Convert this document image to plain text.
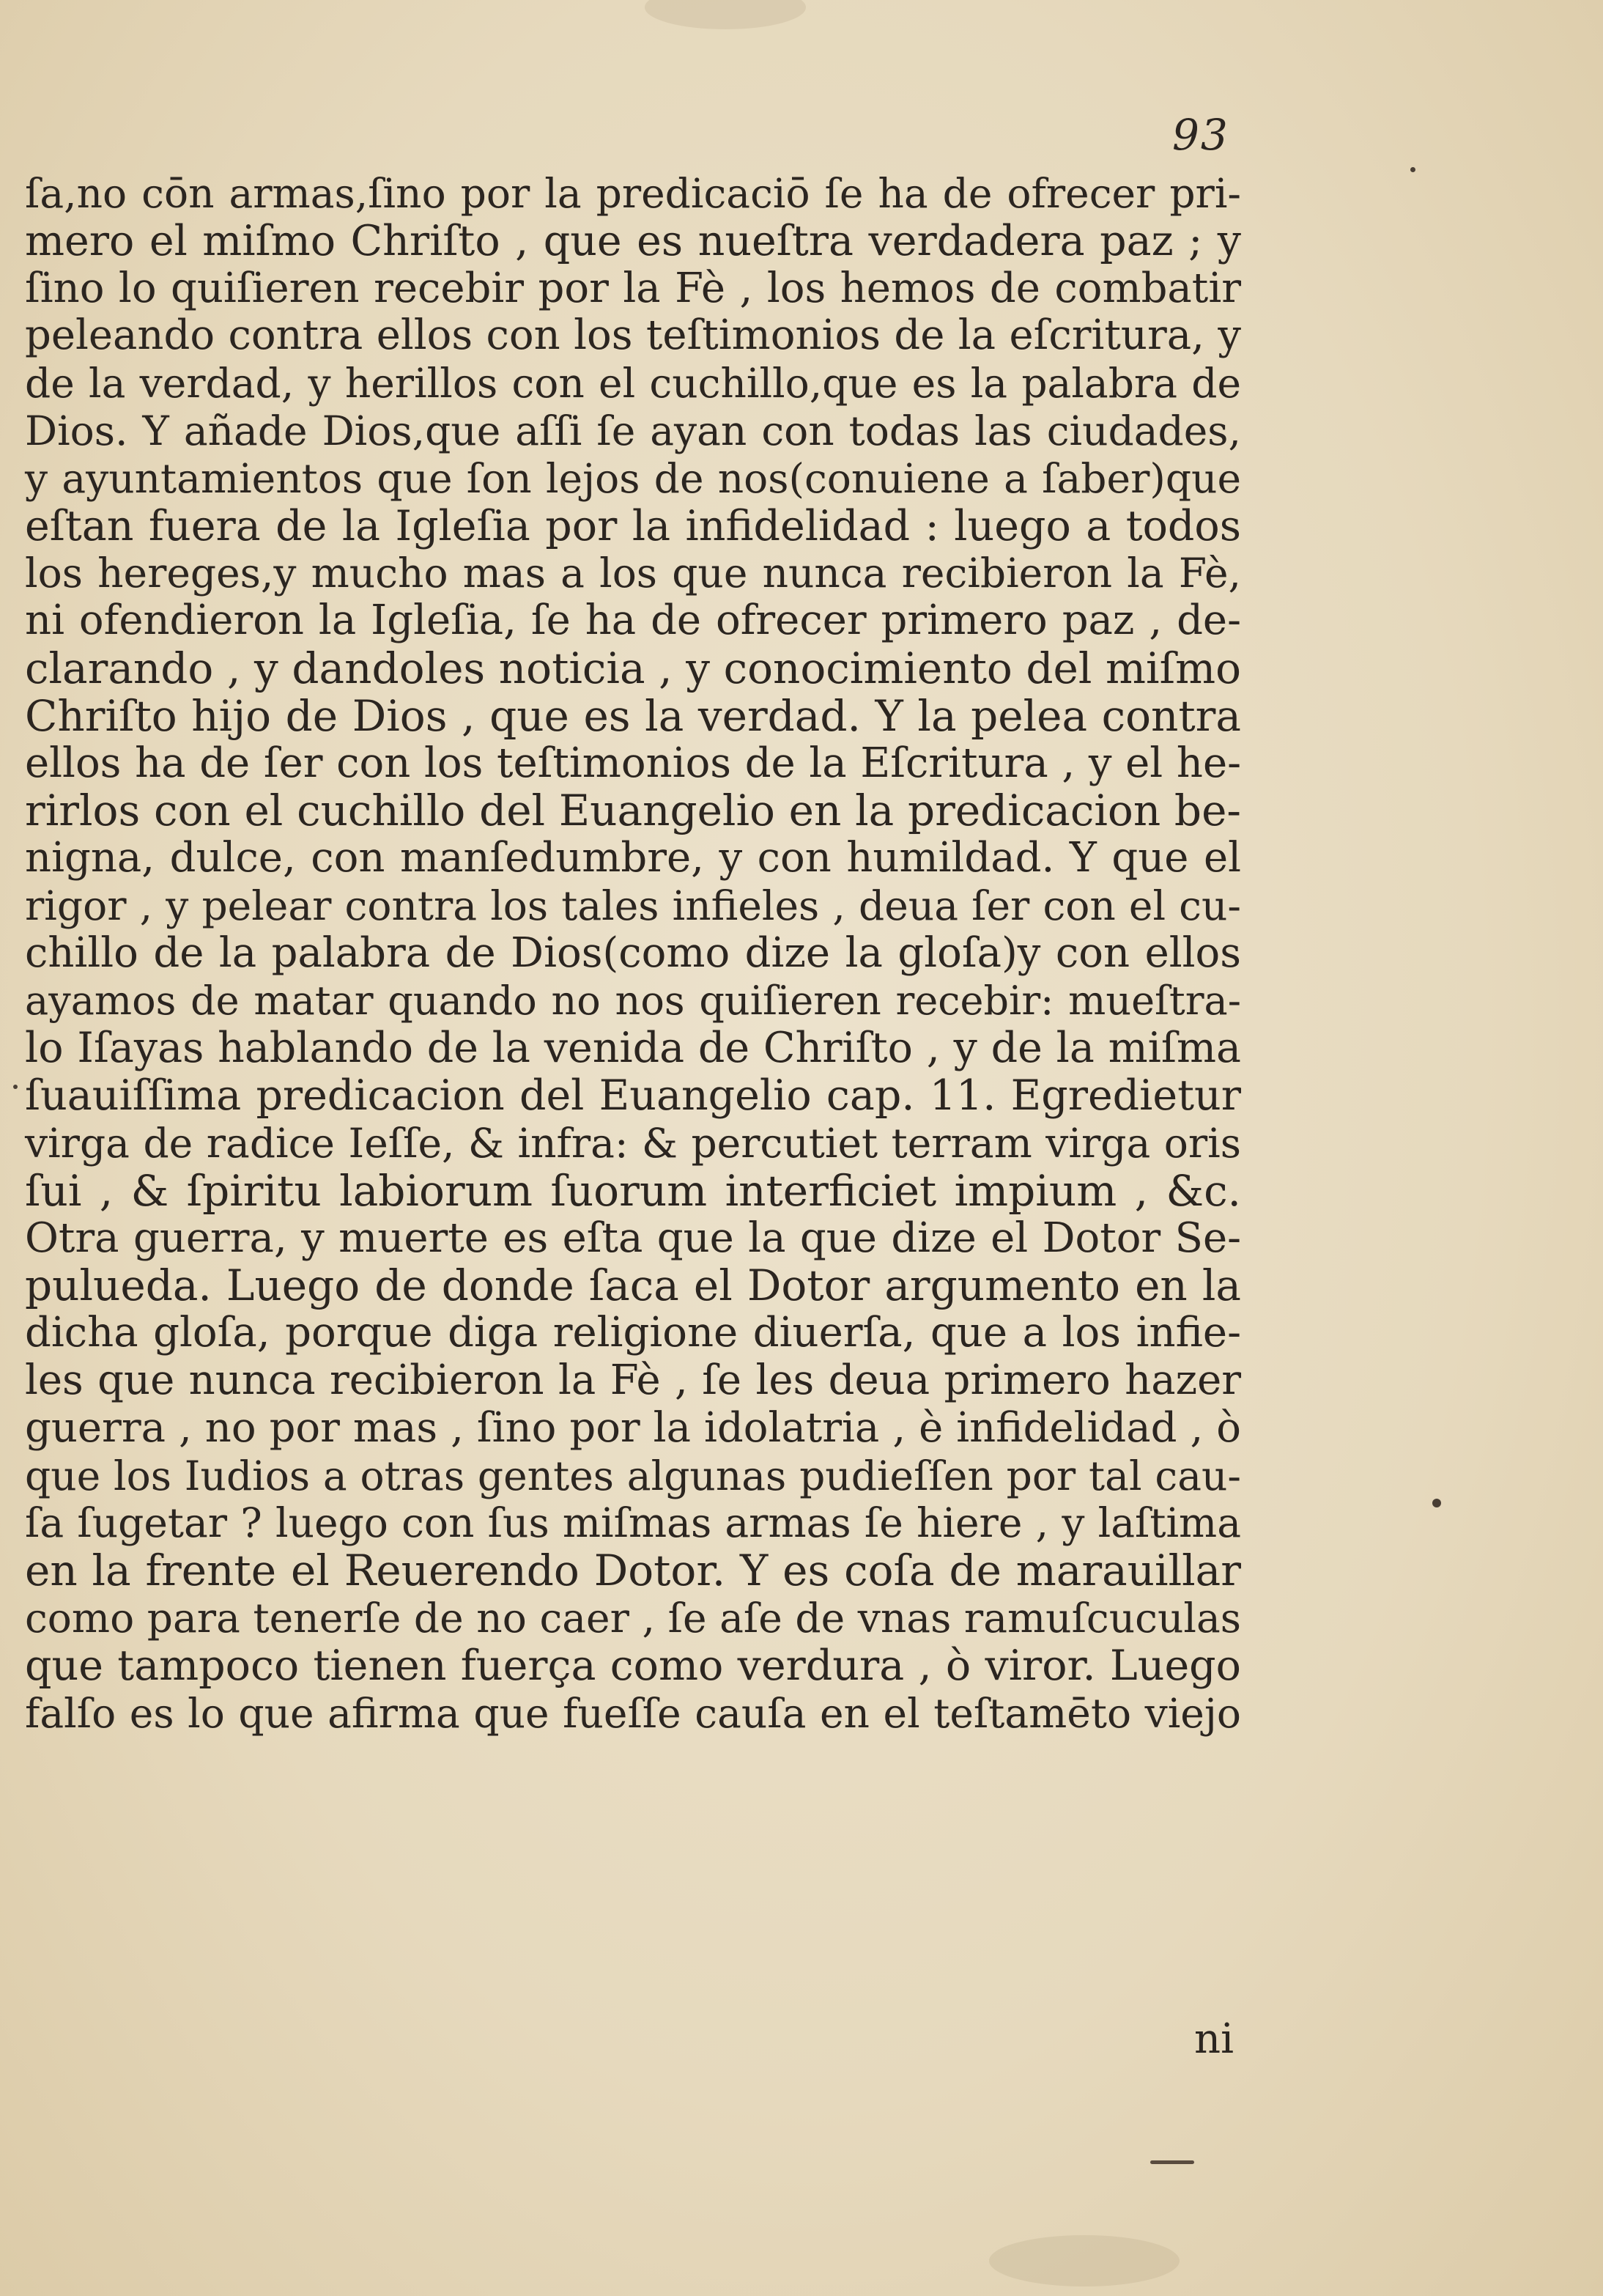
93
ſa,no cōn armas,ſino por la predicaciō ſe ha de ofrecer pri-
mero el miſmo Chriſto , que es nueſtra verdadera paz ; y
ſino lo quiſieren recebir por la Fè , los hemos de combatir
peleando contra ellos con los teſtimonios de la eſcritura, y
de la verdad, y herillos con el cuchillo,que es la palabra de
Dios. Y añade Dios,que aſſi ſe ayan con todas las ciudades,
y ayuntamientos que ſon lejos de nos(conuiene a ſaber)que
eſtan fuera de la Igleſia por la infidelidad : luego a todos
los hereges,y mucho mas a los que nunca recibieron la Fè,
ni ofendieron la Igleſia, ſe ha de ofrecer primero paz , de-
clarando , y dandoles noticia , y conocimiento del miſmo
Chriſto hijo de Dios , que es la verdad. Y la pelea contra
ellos ha de ſer con los teſtimonios de la Eſcritura , y el he-
rirlos con el cuchillo del Euangelio en la predicacion be-
nigna, dulce, con manſedumbre, y con humildad. Y que el
rigor , y pelear contra los tales infieles , deua ſer con el cu-
chillo de la palabra de Dios(como dize la gloſa)y con ellos
ayamos de matar quando no nos quiſieren recebir: mueſtra-
lo Iſayas hablando de la venida de Chriſto , y de la miſma
ſuauiſſima predicacion del Euangelio cap. 11. Egredietur
virga de radice Ieſſe, & infra: & percutiet terram virga oris
ſui , & ſpiritu labiorum ſuorum interficiet impium , &c.
Otra guerra, y muerte es eſta que la que dize el Dotor Se-
pulueda. Luego de donde ſaca el Dotor argumento en la
dicha gloſa, porque diga religione diuerſa, que a los infie-
les que nunca recibieron la Fè , ſe les deua primero hazer
guerra , no por mas , ſino por la idolatria , è infidelidad , ò
que los Iudios a otras gentes algunas pudieſſen por tal cau-
ſa ſugetar ? luego con ſus miſmas armas ſe hiere , y laſtima
en la frente el Reuerendo Dotor. Y es coſa de marauillar
como para tenerſe de no caer , ſe aſe de vnas ramuſcuculas
que tampoco tienen fuerça como verdura , ò viror. Luego
falſo es lo que afirma que fueſſe cauſa en el teſtamēto viejo
ni
